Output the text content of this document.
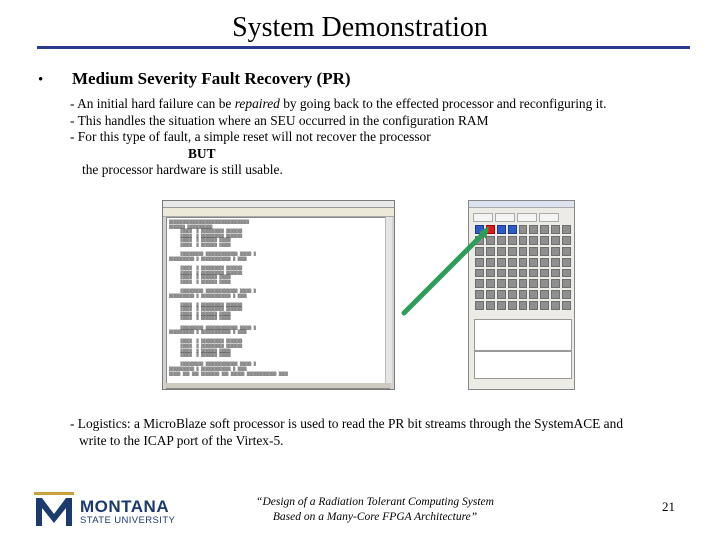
System Demonstration
• Medium Severity Fault Recovery (PR)
- An initial hard failure can be repaired by going back to the effected processor and reconfiguring it.
- This handles the situation where an SEU occurred in the configuration RAM
- For this type of fault, a simple reset will not recover the processor
BUT
the processor hardware is still usable.
▒▒▒▒▒▒▒▒▒▒▒▒▒▒▒▒▒▒▒▒▒▒▒▒▒▒▒▒▒▒▒▒▒▒▒
▒▒▒▒▒▒▒ ▒▒▒▒▒▒▒▒▒▒▒
▒▒▒▒▒  ▒ ▒▒▒▒▒▒▒▒▒▒ ▒▒▒▒▒▒▒
▒▒▒▒▒  ▒ ▒▒▒▒▒▒▒▒▒▒ ▒▒▒▒▒▒▒
▒▒▒▒▒  ▒ ▒▒▒▒▒▒▒ ▒▒▒▒▒
▒▒▒▒▒  ▒ ▒▒▒▒▒▒▒ ▒▒▒▒▒

▒▒▒▒▒▒▒▒▒▒ ▒▒▒▒▒▒▒▒▒▒▒▒▒▒ ▒▒▒▒▒ ▒
▒▒▒▒▒▒▒▒▒▒▒ ▒ ▒▒▒▒▒▒▒▒▒▒▒▒▒ ▒ ▒▒▒▒

▒▒▒▒▒  ▒ ▒▒▒▒▒▒▒▒▒▒ ▒▒▒▒▒▒▒
▒▒▒▒▒  ▒ ▒▒▒▒▒▒▒▒▒▒ ▒▒▒▒▒▒▒
▒▒▒▒▒  ▒ ▒▒▒▒▒▒▒ ▒▒▒▒▒
▒▒▒▒▒  ▒ ▒▒▒▒▒▒▒ ▒▒▒▒▒

▒▒▒▒▒▒▒▒▒▒ ▒▒▒▒▒▒▒▒▒▒▒▒▒▒ ▒▒▒▒▒ ▒
▒▒▒▒▒▒▒▒▒▒▒ ▒ ▒▒▒▒▒▒▒▒▒▒▒▒▒ ▒ ▒▒▒▒

▒▒▒▒▒  ▒ ▒▒▒▒▒▒▒▒▒▒ ▒▒▒▒▒▒▒
▒▒▒▒▒  ▒ ▒▒▒▒▒▒▒▒▒▒ ▒▒▒▒▒▒▒
▒▒▒▒▒  ▒ ▒▒▒▒▒▒▒ ▒▒▒▒▒
▒▒▒▒▒  ▒ ▒▒▒▒▒▒▒ ▒▒▒▒▒

▒▒▒▒▒▒▒▒▒▒ ▒▒▒▒▒▒▒▒▒▒▒▒▒▒ ▒▒▒▒▒ ▒
▒▒▒▒▒▒▒▒▒▒▒ ▒ ▒▒▒▒▒▒▒▒▒▒▒▒▒ ▒ ▒▒▒▒

▒▒▒▒▒  ▒ ▒▒▒▒▒▒▒▒▒▒ ▒▒▒▒▒▒▒
▒▒▒▒▒  ▒ ▒▒▒▒▒▒▒▒▒▒ ▒▒▒▒▒▒▒
▒▒▒▒▒  ▒ ▒▒▒▒▒▒▒ ▒▒▒▒▒
▒▒▒▒▒  ▒ ▒▒▒▒▒▒▒ ▒▒▒▒▒

▒▒▒▒▒▒▒▒▒▒ ▒▒▒▒▒▒▒▒▒▒▒▒▒▒ ▒▒▒▒▒ ▒
▒▒▒▒▒▒▒▒▒▒▒ ▒ ▒▒▒▒▒▒▒▒▒▒▒▒▒ ▒ ▒▒▒▒
▒▒▒▒▒ ▒▒▒ ▒▒▒ ▒▒▒▒▒▒▒▒ ▒▒▒ ▒▒▒▒▒▒ ▒▒▒▒▒▒▒▒▒▒▒▒▒ ▒▒▒▒
- Logistics: a MicroBlaze soft processor is used to read the PR bit streams through the SystemACE and
write to the ICAP port of the Virtex-5.
MONTANA
STATE UNIVERSITY
“Design of a Radiation Tolerant Computing System
Based on a Many-Core FPGA Architecture”
21
